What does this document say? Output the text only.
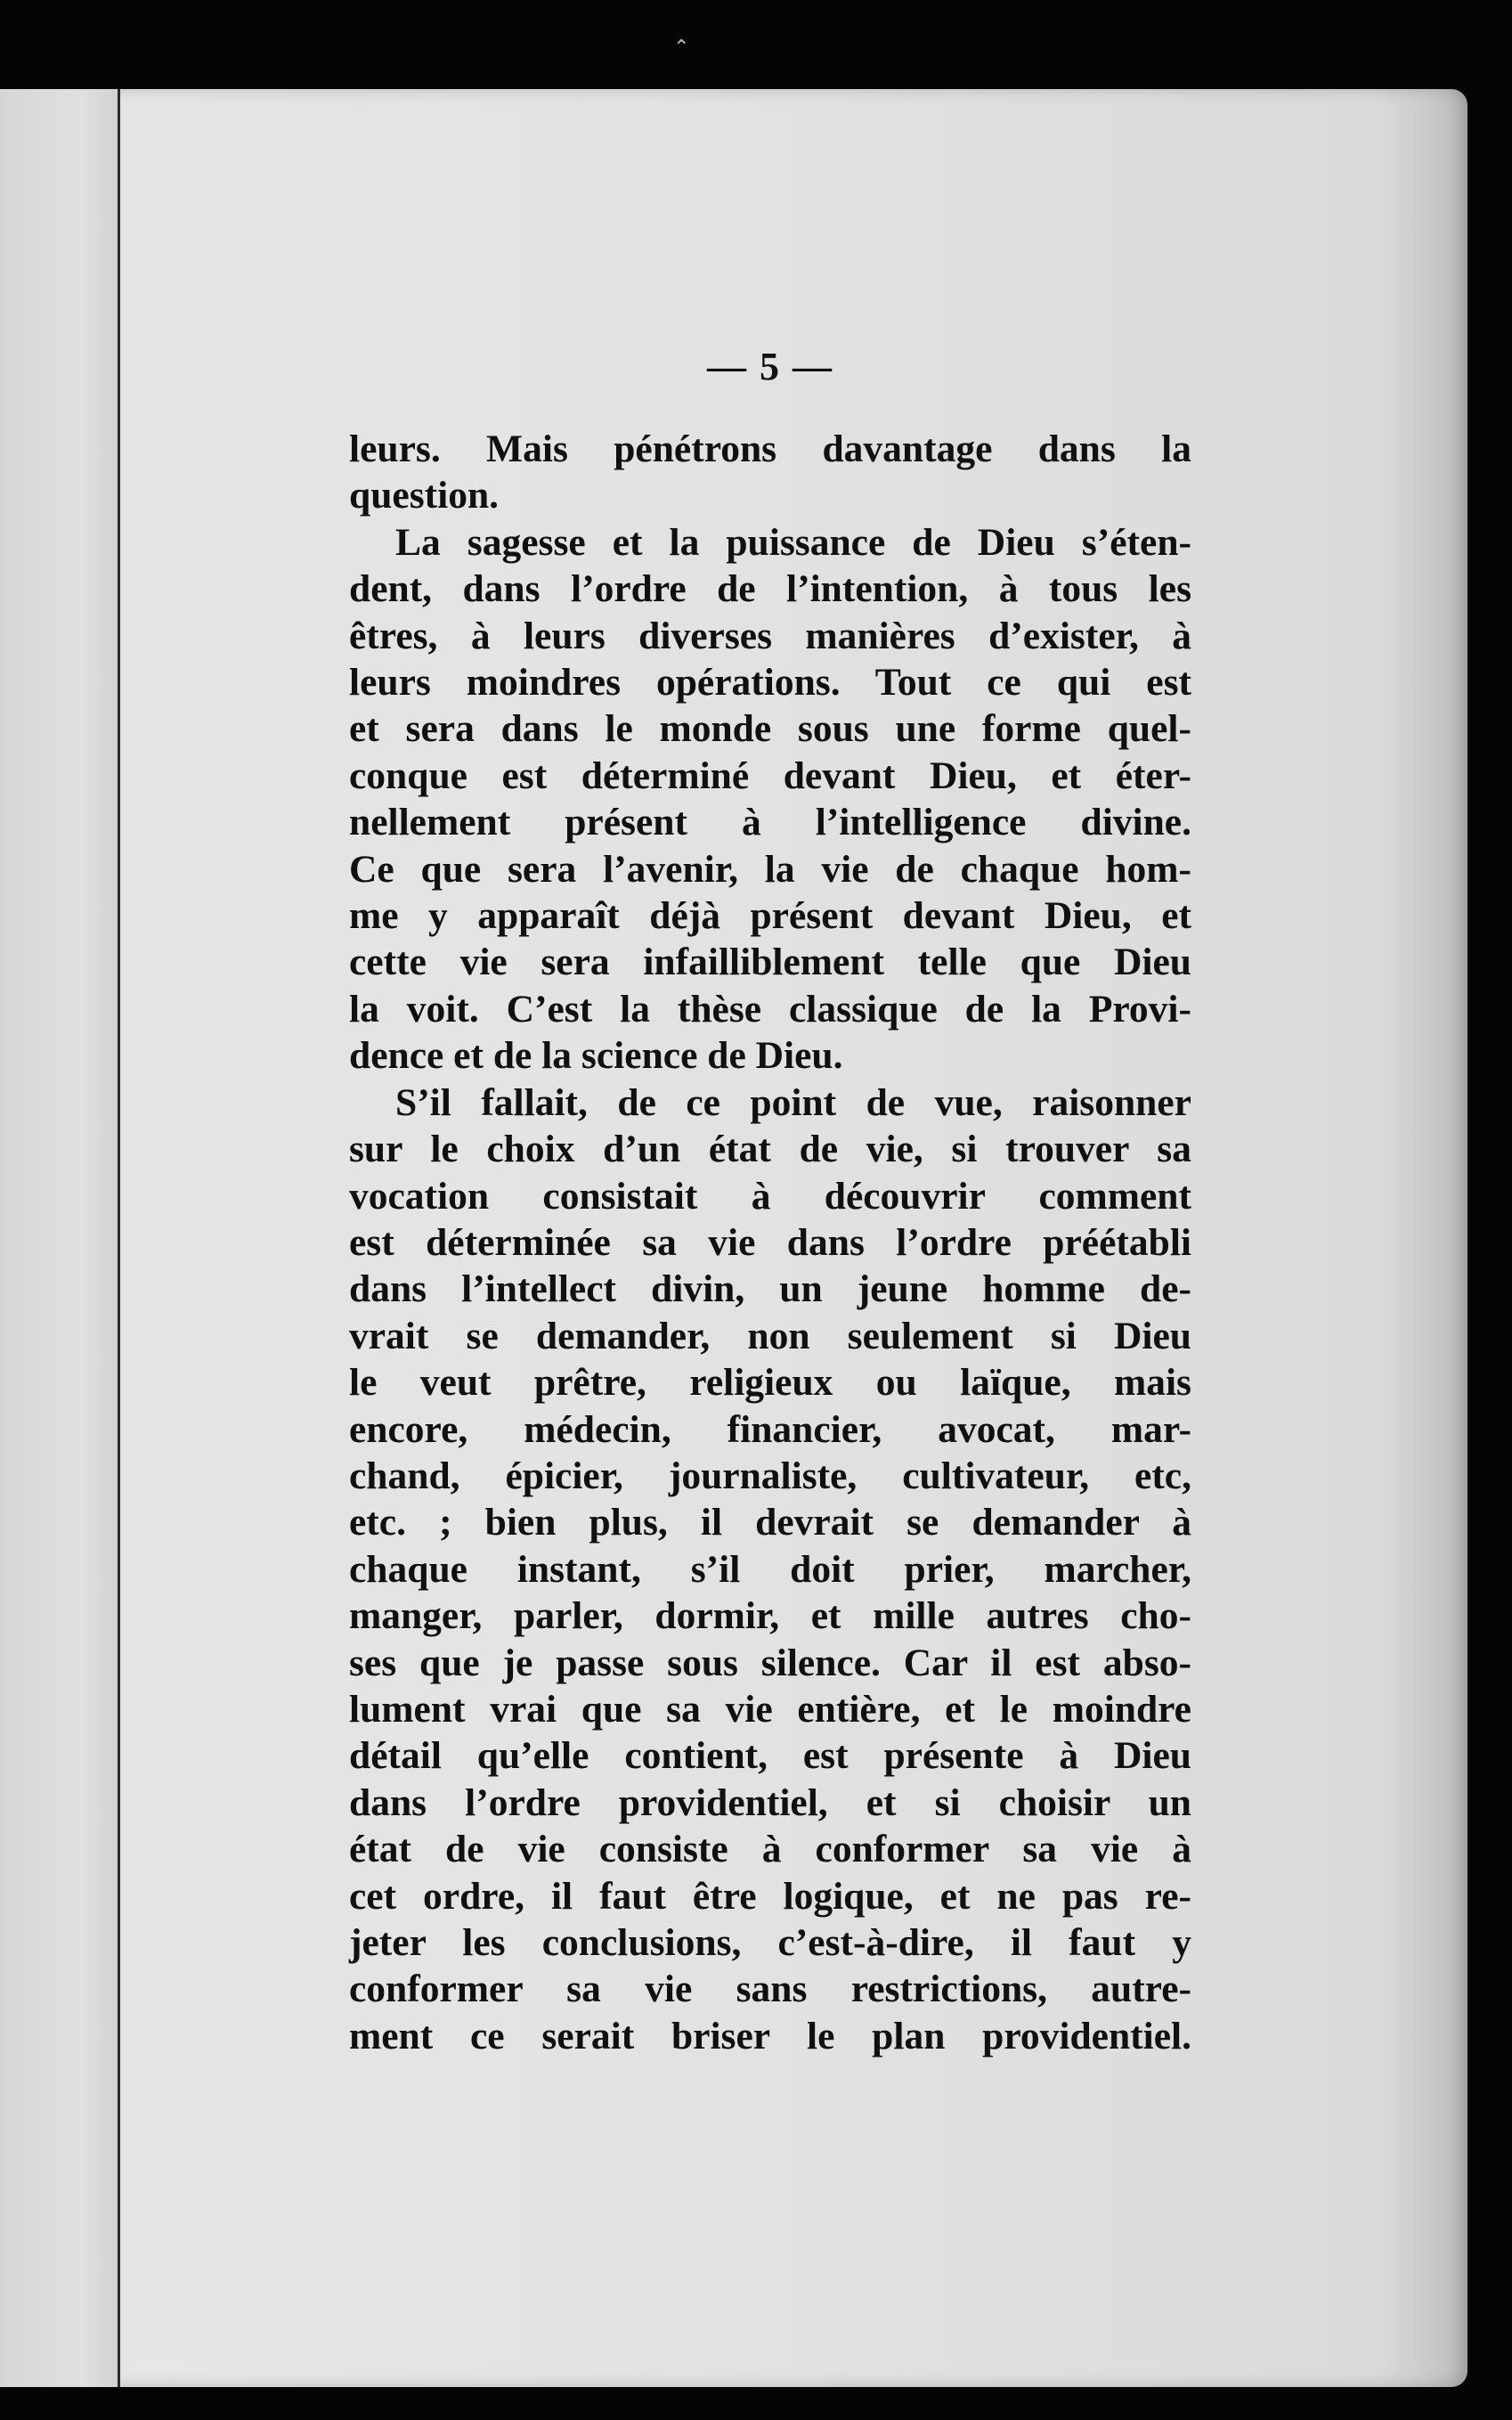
⌃
— 5 —
leurs. Mais pénétrons davantage dans la
question.
La sagesse et la puissance de Dieu s’éten-
dent, dans l’ordre de l’intention, à tous les
êtres, à leurs diverses manières d’exister, à
leurs moindres opérations. Tout ce qui est
et sera dans le monde sous une forme quel-
conque est déterminé devant Dieu, et éter-
nellement présent à l’intelligence divine.
Ce que sera l’avenir, la vie de chaque hom-
me y apparaît déjà présent devant Dieu, et
cette vie sera infailliblement telle que Dieu
la voit. C’est la thèse classique de la Provi-
dence et de la science de Dieu.
S’il fallait, de ce point de vue, raisonner
sur le choix d’un état de vie, si trouver sa
vocation consistait à découvrir comment
est déterminée sa vie dans l’ordre préétabli
dans l’intellect divin, un jeune homme de-
vrait se demander, non seulement si Dieu
le veut prêtre, religieux ou laïque, mais
encore, médecin, financier, avocat, mar-
chand, épicier, journaliste, cultivateur, etc,
etc. ; bien plus, il devrait se demander à
chaque instant, s’il doit prier, marcher,
manger, parler, dormir, et mille autres cho-
ses que je passe sous silence. Car il est abso-
lument vrai que sa vie entière, et le moindre
détail qu’elle contient, est présente à Dieu
dans l’ordre providentiel, et si choisir un
état de vie consiste à conformer sa vie à
cet ordre, il faut être logique, et ne pas re-
jeter les conclusions, c’est-à-dire, il faut y
conformer sa vie sans restrictions, autre-
ment ce serait briser le plan providentiel.
